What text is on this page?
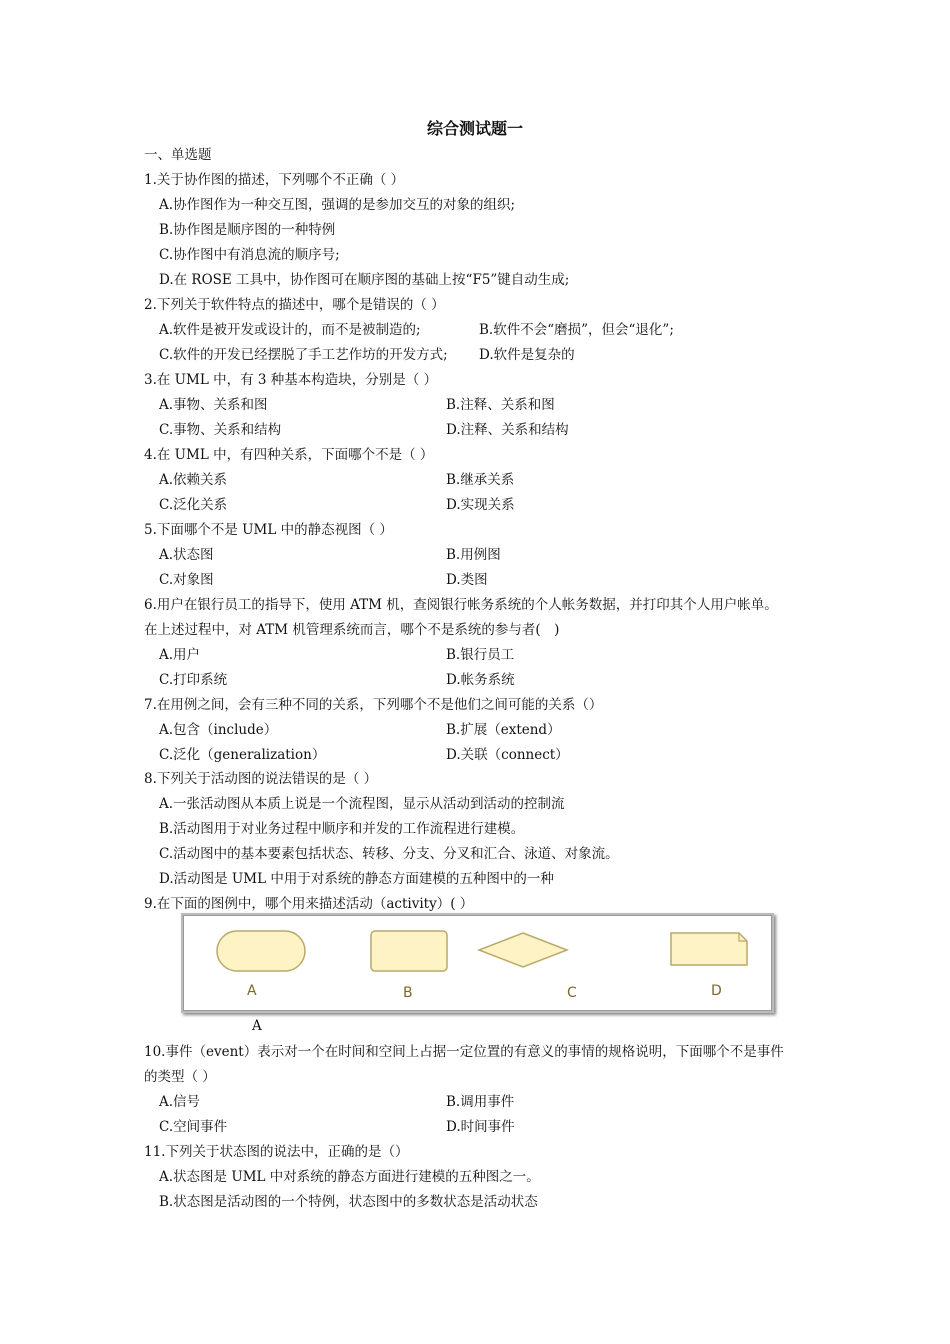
综合测试题一
一、单选题
1.关于协作图的描述，下列哪个不正确（ ）
A.协作图作为一种交互图，强调的是参加交互的对象的组织;
B.协作图是顺序图的一种特例
C.协作图中有消息流的顺序号;
D.在 ROSE 工具中，协作图可在顺序图的基础上按“F5”键自动生成;
2.下列关于软件特点的描述中，哪个是错误的（ ）
A.软件是被开发或设计的，而不是被制造的;	B.软件不会“磨损”，但会“退化”;
C.软件的开发已经摆脱了手工艺作坊的开发方式; D.软件是复杂的
3.在 UML 中，有 3 种基本构造块，分别是（ ）
A.事物、关系和图	B.注释、关系和图
C.事物、关系和结构	D.注释、关系和结构
4.在 UML 中，有四种关系，下面哪个不是（ ）
A.依赖关系	B.继承关系
C.泛化关系	D.实现关系
5.下面哪个不是 UML 中的静态视图（ ）
A.状态图	B.用例图
C.对象图	D.类图
6.用户在银行员工的指导下，使用 ATM 机，查阅银行帐务系统的个人帐务数据，并打印其个人用户帐单。
在上述过程中，对 ATM 机管理系统而言，哪个不是系统的参与者(　)
A.用户	B.银行员工
C.打印系统	D.帐务系统
7.在用例之间，会有三种不同的关系，下列哪个不是他们之间可能的关系（）
A.包含（include）	B.扩展（extend）
C.泛化（generalization）	D.关联（connect）
8.下列关于活动图的说法错误的是（ ）
A.一张活动图从本质上说是一个流程图，显示从活动到活动的控制流
B.活动图用于对业务过程中顺序和并发的工作流程进行建模。
C.活动图中的基本要素包括状态、转移、分支、分叉和汇合、泳道、对象流。
D.活动图是 UML 中用于对系统的静态方面建模的五种图中的一种
9.在下面的图例中，哪个用来描述活动（activity）( ）
A	B	C	D
A
10.事件（event）表示对一个在时间和空间上占据一定位置的有意义的事情的规格说明，下面哪个不是事件
的类型（ ）
A.信号	B.调用事件
C.空间事件	D.时间事件
11.下列关于状态图的说法中，正确的是（）
A.状态图是 UML 中对系统的静态方面进行建模的五种图之一。
B.状态图是活动图的一个特例，状态图中的多数状态是活动状态
